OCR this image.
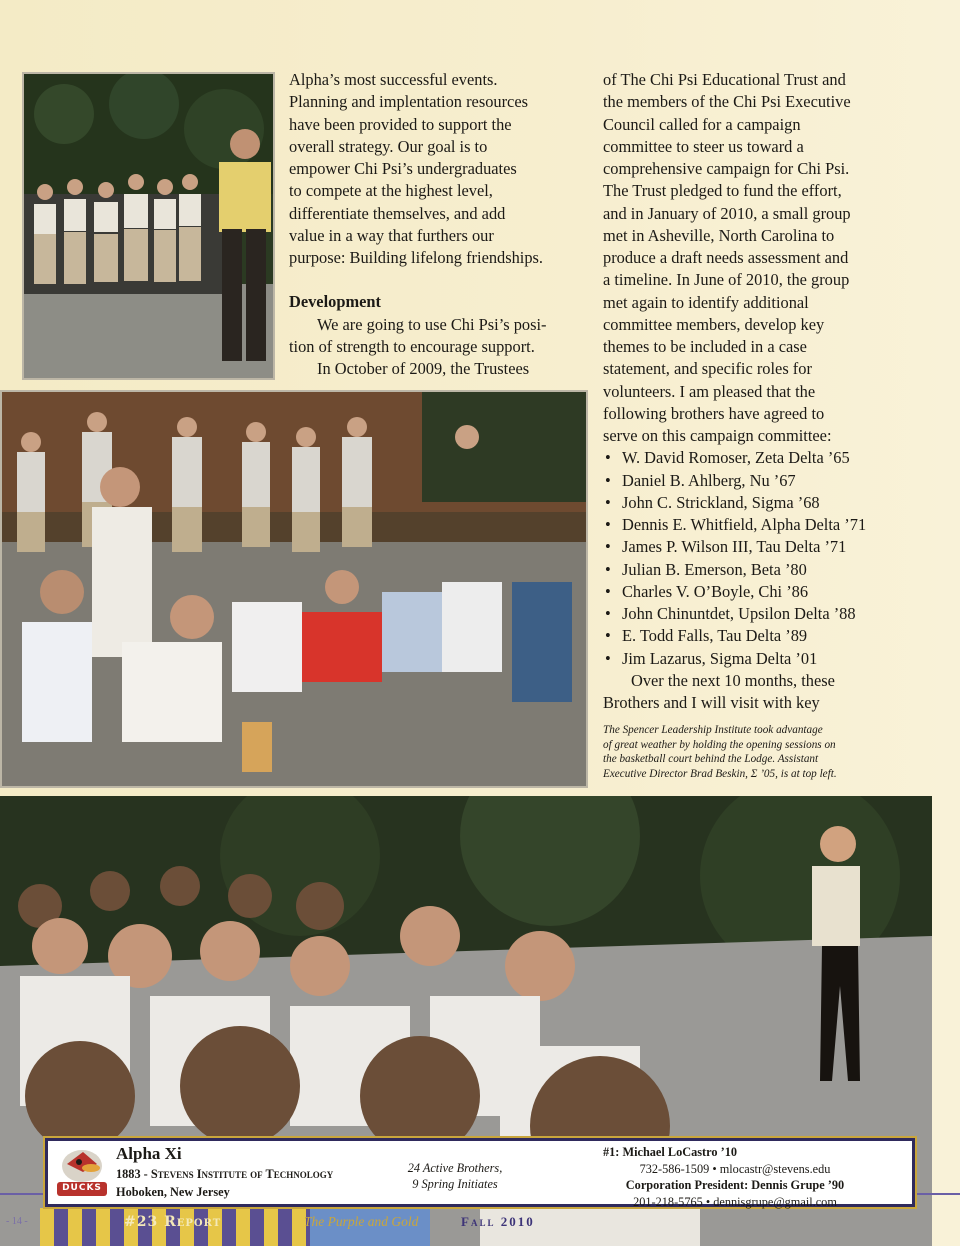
Alpha’s most successful events.

Planning and implentation resources

have been provided to support the

overall strategy. Our goal is to

empower Chi Psi’s undergraduates

to compete at the highest level,

differentiate themselves, and add

value in a way that furthers our

purpose: Building lifelong friendships.

Development

We are going to use Chi Psi’s posi-

tion of strength to encourage support.

In October of 2009, the Trustees

of The Chi Psi Educational Trust and

the members of the Chi Psi Executive

Council called for a campaign

committee to steer us toward a

comprehensive campaign for Chi Psi.

The Trust pledged to fund the effort,

and in January of 2010, a small group

met in Asheville, North Carolina to

produce a draft needs assessment and

a timeline. In June of 2010, the group

met again to identify additional

committee members, develop key

themes to be included in a case

statement, and specific roles for

volunteers. I am pleased that the

following brothers have agreed to

serve on this campaign committee:

• W. David Romoser, Zeta Delta ’65
• Daniel B. Ahlberg, Nu ’67
• John C. Strickland, Sigma ’68
• Dennis E. Whitfield, Alpha Delta ’71
• James P. Wilson III, Tau Delta ’71
• Julian B. Emerson, Beta ’80
• Charles V. O’Boyle, Chi ’86
• John Chinuntdet, Upsilon Delta ’88
• E. Todd Falls, Tau Delta ’89
• Jim Lazarus, Sigma Delta ’01

Over the next 10 months, these

Brothers and I will visit with key

The Spencer Leadership Institute took advantage
of great weather by holding the opening sessions on
the basketball court behind the Lodge. Assistant
Executive Director Brad Beskin, Σ ’05, is at top left.
- 14 -	#23 Report	The Purple and Gold	Fall 2010
DUCKS
Alpha Xi
1883 - Stevens Institute of Technology
Hoboken, New Jersey
24 Active Brothers,
9 Spring Initiates
#1: Michael LoCastro ’10
732-586-1509 • mlocastr@stevens.edu
Corporation President: Dennis Grupe ’90
201-218-5765 • dennisgrupe@gmail.com
